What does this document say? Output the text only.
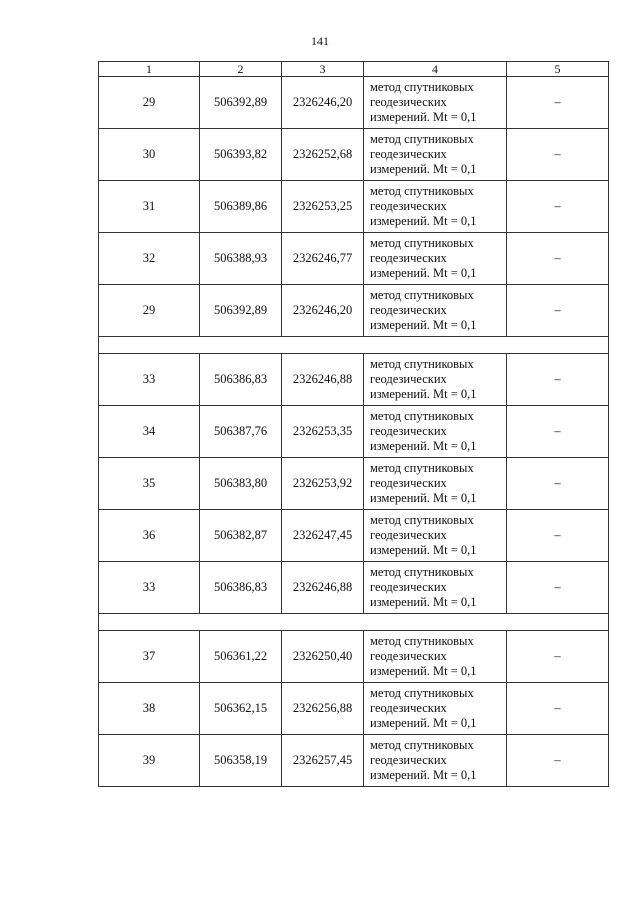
141
1	2	3	4	5
29	506392,89	2326246,20	метод спутниковых
геодезических
измерений. Mt = 0,1	–
30	506393,82	2326252,68	метод спутниковых
геодезических
измерений. Mt = 0,1	–
31	506389,86	2326253,25	метод спутниковых
геодезических
измерений. Mt = 0,1	–
32	506388,93	2326246,77	метод спутниковых
геодезических
измерений. Mt = 0,1	–
29	506392,89	2326246,20	метод спутниковых
геодезических
измерений. Mt = 0,1	–

33	506386,83	2326246,88	метод спутниковых
геодезических
измерений. Mt = 0,1	–
34	506387,76	2326253,35	метод спутниковых
геодезических
измерений. Mt = 0,1	–
35	506383,80	2326253,92	метод спутниковых
геодезических
измерений. Mt = 0,1	–
36	506382,87	2326247,45	метод спутниковых
геодезических
измерений. Mt = 0,1	–
33	506386,83	2326246,88	метод спутниковых
геодезических
измерений. Mt = 0,1	–

37	506361,22	2326250,40	метод спутниковых
геодезических
измерений. Mt = 0,1	–
38	506362,15	2326256,88	метод спутниковых
геодезических
измерений. Mt = 0,1	–
39	506358,19	2326257,45	метод спутниковых
геодезических
измерений. Mt = 0,1	–
